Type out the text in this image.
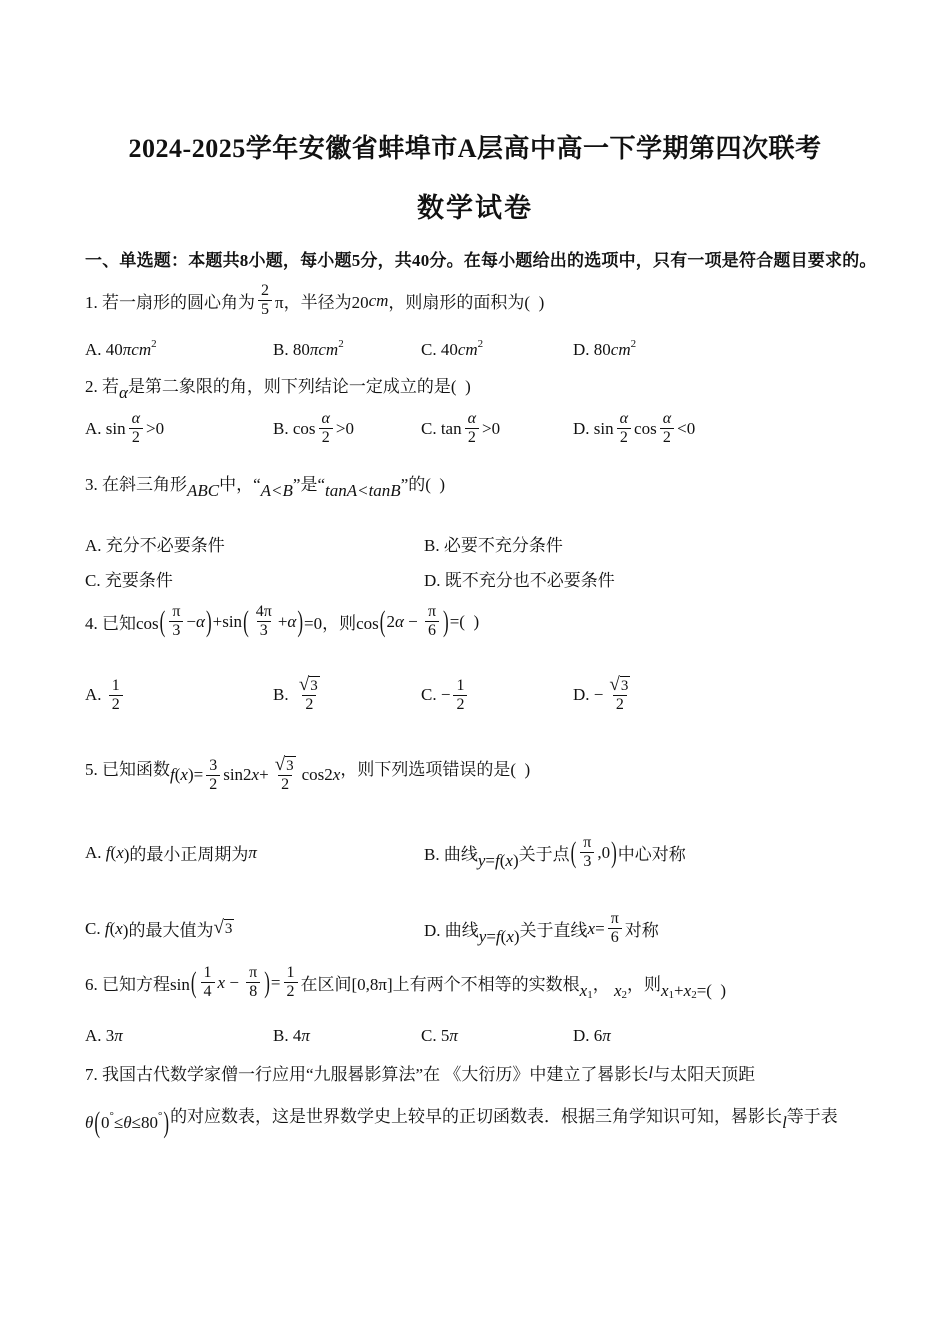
2024-2025学年安徽省蚌埠市A层高中高一下学期第四次联考
数学试卷
一、单选题：本题共8小题，每小题5分，共40分。在每小题给出的选项中，只有一项是符合题目要求的。
1. 若一扇形的圆心角为
2
5 π，半径为20 cm ，则扇形的面积为(  )
A. 40 πcm$^2$	B. 80 πcm$^2$	C. 40 $cm^2$	D. 80 $cm^2$
2. 若 α 是第二象限的角，则下列结论一定成立的是(  )
A. sin
α
2 >0	B. cos
α
2 >0	C. tan
α
2 >0	D. sin
α
2 cos
α
2 <0
3. 在斜三角形 ABC 中，“ A<B ”是“ tanA<tanB ”的(  )
A. 充分不必要条件	B. 必要不充分条件
C. 充要条件	D. 既不充分也不必要条件
4. 已知cos ( π
3 − α ) +sin ( 4π
3 + α ) =0，则cos ( 2 $\alpha - \frac{\pi}{6}$ ) =(  )
A.
1
2	B. √ 3
2
C. − $\frac{1}{2}$	D. − $\frac{√ 3}{2}$
5. 已知函数 f ( x )= $\frac{3}{2} \sin 2$ $x + \frac{√ 3}{2} \cos 2$ x ，则下列选项错误的是(  )
A. f ( x )的最小正周期为 π	B. 曲线 y = f ( x ) 关于点 ( π
3 ,0 ) 中心对称
C. f ( x )的最大值为 √ 3	D. 曲线 y = f ( x ) 关于直线 $x = \frac{\pi}{6}$ 对称
6. 已知方程sin ( 1
4 $x - \frac{\pi}{8}$ ) = $\frac{1}{2}$ 在区间[0,8π]上有两个不相等的实数根 $x_1$
， $x_2$
，则 $x_1 + x_2$ =(  )
A. 3 π	B. 4 π	C. 5 π	D. 6 π
7. 我国古代数学家僧一行应用“九服晷影算法”在 《大衍历》中建立了晷影长 l 与太阳天顶距
θ ( 0° ≤ θ ≤80° ) 的对应数表，这是世界数学史上较早的正切函数表．根据三角学知识可知，晷影长 l 等于表
